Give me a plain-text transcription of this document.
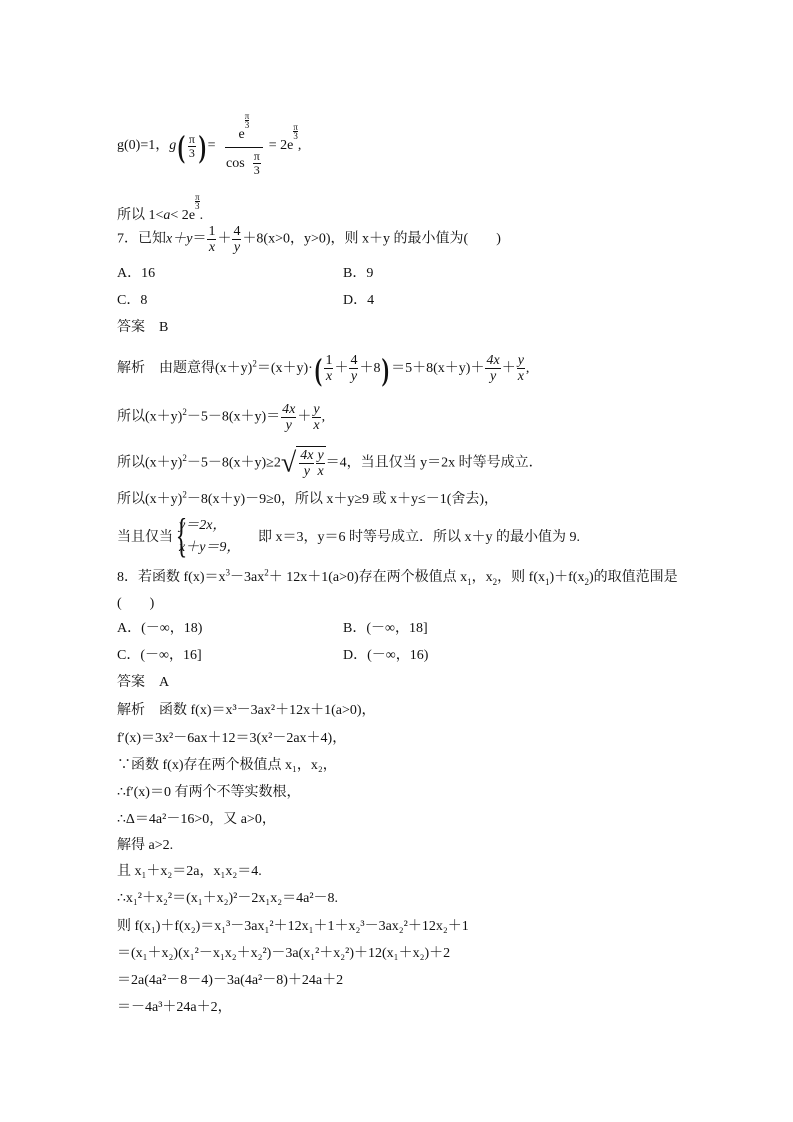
g(0)=1，$g( \frac{\pi}{3}$ ) = e
$\frac{\pi}{3}$
$\cos \frac{\pi}{3} = 2e$
$\frac{\pi}{3}$
,
所以 1<a< 2e
$\frac{\pi}{3}$
.
7．已知$x+y= \frac{1}{x} + \frac{4}{y} +8(x>0$，y>0)，则 x＋y 的最小值为(　　)
A．16	B．9
C．8	D．4
答案　B
解析　由题意得$(x+y)^2=(x+y)\cdot( \frac{1}{x} + \frac{4}{y} +8) =5+8(x+y)+ \frac{4x}{y} + \frac{y}{x}$ ,
所以$(x+y)^2-5-8(x+y)= \frac{4x}{y} + \frac{y}{x}$ ,
所以$(x+y)^2-5-8(x+y)\ge 2√ \frac{4x}{y} \frac{y}{x} =4$，当且仅当 y＝2x 时等号成立．
所以$(x+y)^2-8(x+y)-9\ge 0$，所以 x＋y≥9 或 x＋y≤－1(舍去)，
当且仅当 {
y＝2x，
x＋y＝9，
即 x＝3，y＝6 时等号成立．所以 x＋y 的最小值为 9.
8．若函数 $f(x)=x^3-3ax^2+ 12x+1(a>0)$存在两个极值点 $x_1$，$x_2$，则 $f(x_1)+f(x_2)$的取值范围是
(　　)
A．(－∞，18)	B．(－∞，18]
C．(－∞，16]	D．(－∞，16)
答案　A
解析　函数 f(x)＝x³－3ax²＋12x＋1(a>0)，
f′(x)＝3x²－6ax＋12＝3(x²－2ax＋4)，
∵函数 f(x)存在两个极值点 x₁，x₂，
∴f′(x)＝0 有两个不等实数根，
∴Δ＝4a²－16>0，又 a>0，
解得 a>2.
且 x₁＋x₂＝2a，x₁x₂＝4.
∴x₁²＋x₂²＝(x₁＋x₂)²－2x₁x₂＝4a²－8.
则 f(x₁)＋f(x₂)＝x₁³－3ax₁²＋12x₁＋1＋x₂³－3ax₂²＋12x₂＋1
＝(x₁＋x₂)(x₁²－x₁x₂＋x₂²)－3a(x₁²＋x₂²)＋12(x₁＋x₂)＋2
＝2a(4a²－8－4)－3a(4a²－8)＋24a＋2
＝－4a³＋24a＋2，
